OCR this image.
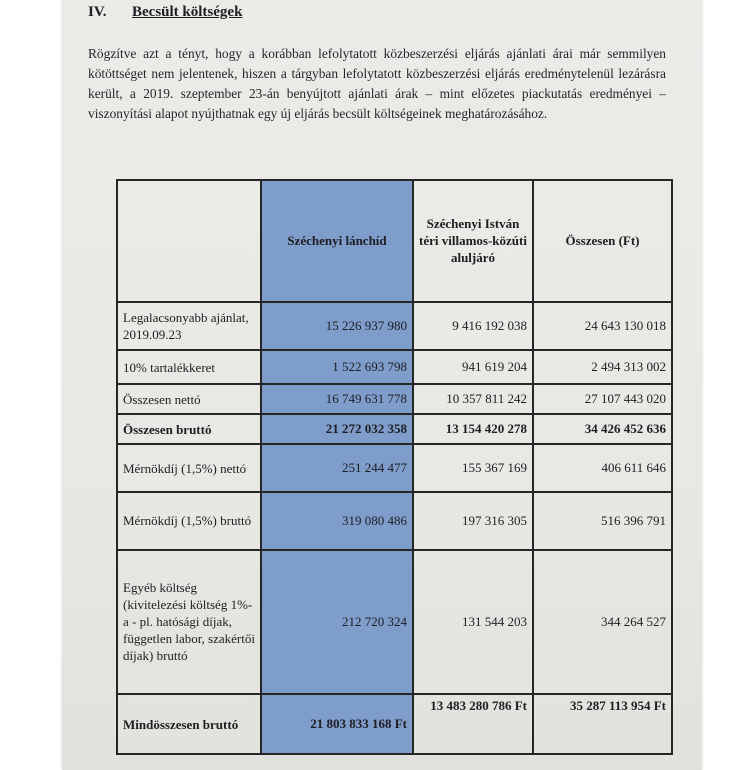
IV. Becsült költségek

Rögzítve azt a tényt, hogy a korábban lefolytatott közbeszerzési eljárás ajánlati árai már semmilyen kötöttséget nem jelentenek, hiszen a tárgyban lefolytatott közbeszerzési eljárás eredménytelenül lezárásra került, a 2019. szeptember 23-án benyújtott ajánlati árak – mint előzetes piackutatás eredményei – viszonyítási alapot nyújthatnak egy új eljárás becsült költségeinek meghatározásához.

	Széchenyi lánchíd	Széchenyi István téri villamos-közúti aluljáró	Összesen (Ft)
Legalacsonyabb ajánlat, 2019.09.23	15 226 937 980	9 416 192 038	24 643 130 018
10% tartalékkeret	1 522 693 798	941 619 204	2 494 313 002
Összesen nettó	16 749 631 778	10 357 811 242	27 107 443 020
Összesen bruttó	21 272 032 358	13 154 420 278	34 426 452 636
Mérnökdíj (1,5%) nettó	251 244 477	155 367 169	406 611 646
Mérnökdíj (1,5%) bruttó	319 080 486	197 316 305	516 396 791
Egyéb költség (kivitelezési költség 1%-a - pl. hatósági díjak, független labor, szakértői díjak) bruttó	212 720 324	131 544 203	344 264 527
Mindösszesen bruttó	21 803 833 168 Ft	13 483 280 786 Ft	35 287 113 954 Ft
